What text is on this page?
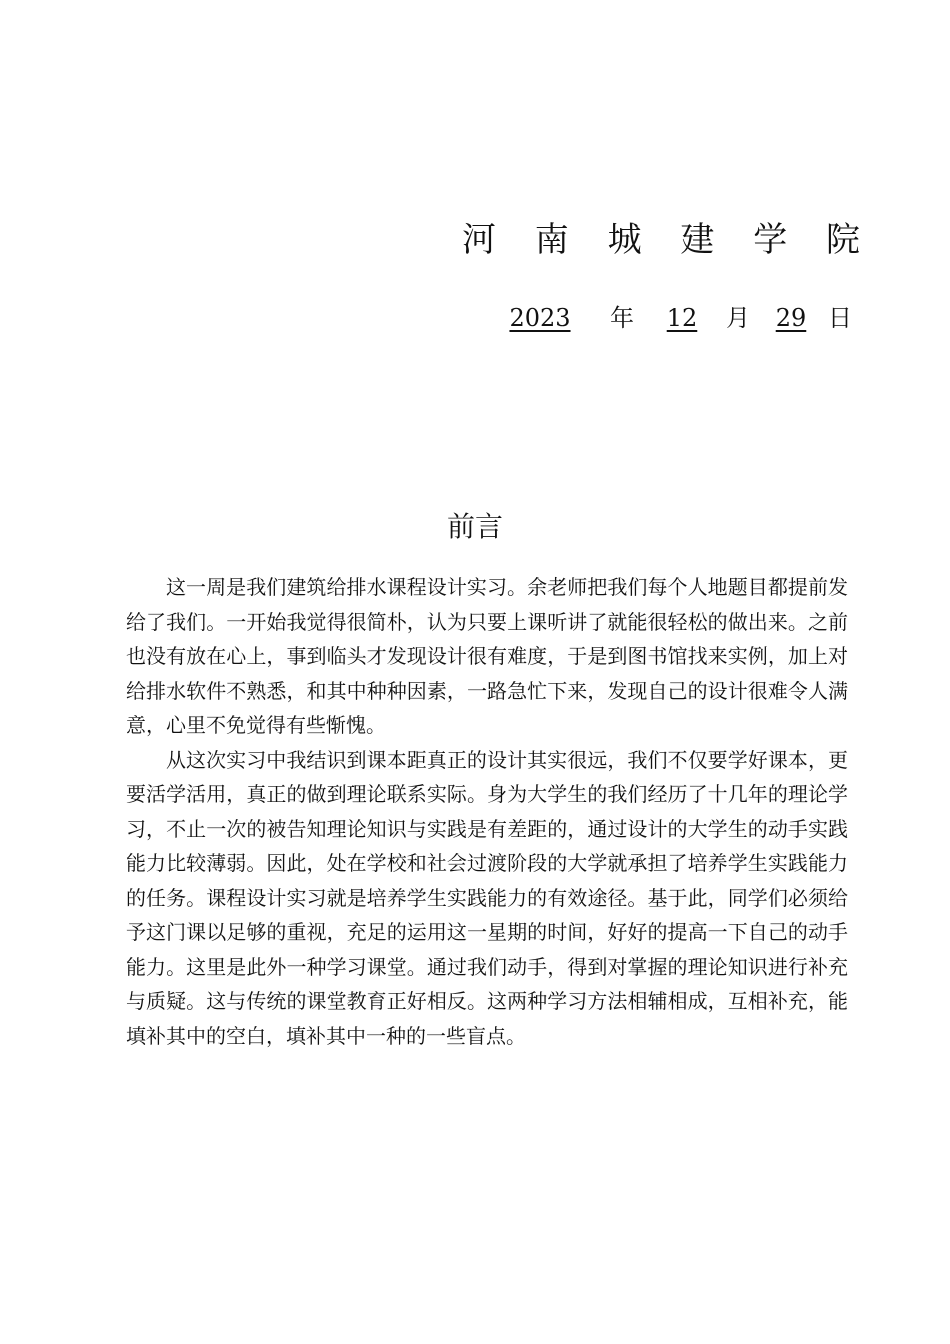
河 南 城 建 学 院
2023	年	12	月	29 日
前言

这一周是我们建筑给排水课程设计实习。余老师把我们每个人地题目都提前发给了我们。一开始我觉得很简朴，认为只要上课听讲了就能很轻松的做出来。之前也没有放在心上，事到临头才发现设计很有难度，于是到图书馆找来实例，加上对给排水软件不熟悉，和其中种种因素，一路急忙下来，发现自己的设计很难令人满意，心里不免觉得有些惭愧。

从这次实习中我结识到课本距真正的设计其实很远，我们不仅要学好课本，更要活学活用，真正的做到理论联系实际。身为大学生的我们经历了十几年的理论学习，不止一次的被告知理论知识与实践是有差距的，通过设计的大学生的动手实践能力比较薄弱。因此，处在学校和社会过渡阶段的大学就承担了培养学生实践能力的任务。课程设计实习就是培养学生实践能力的有效途径。基于此，同学们必须给予这门课以足够的重视，充足的运用这一星期的时间，好好的提高一下自己的动手能力。这里是此外一种学习课堂。通过我们动手，得到对掌握的理论知识进行补充与质疑。这与传统的课堂教育正好相反。这两种学习方法相辅相成，互相补充，能填补其中的空白，填补其中一种的一些盲点。
